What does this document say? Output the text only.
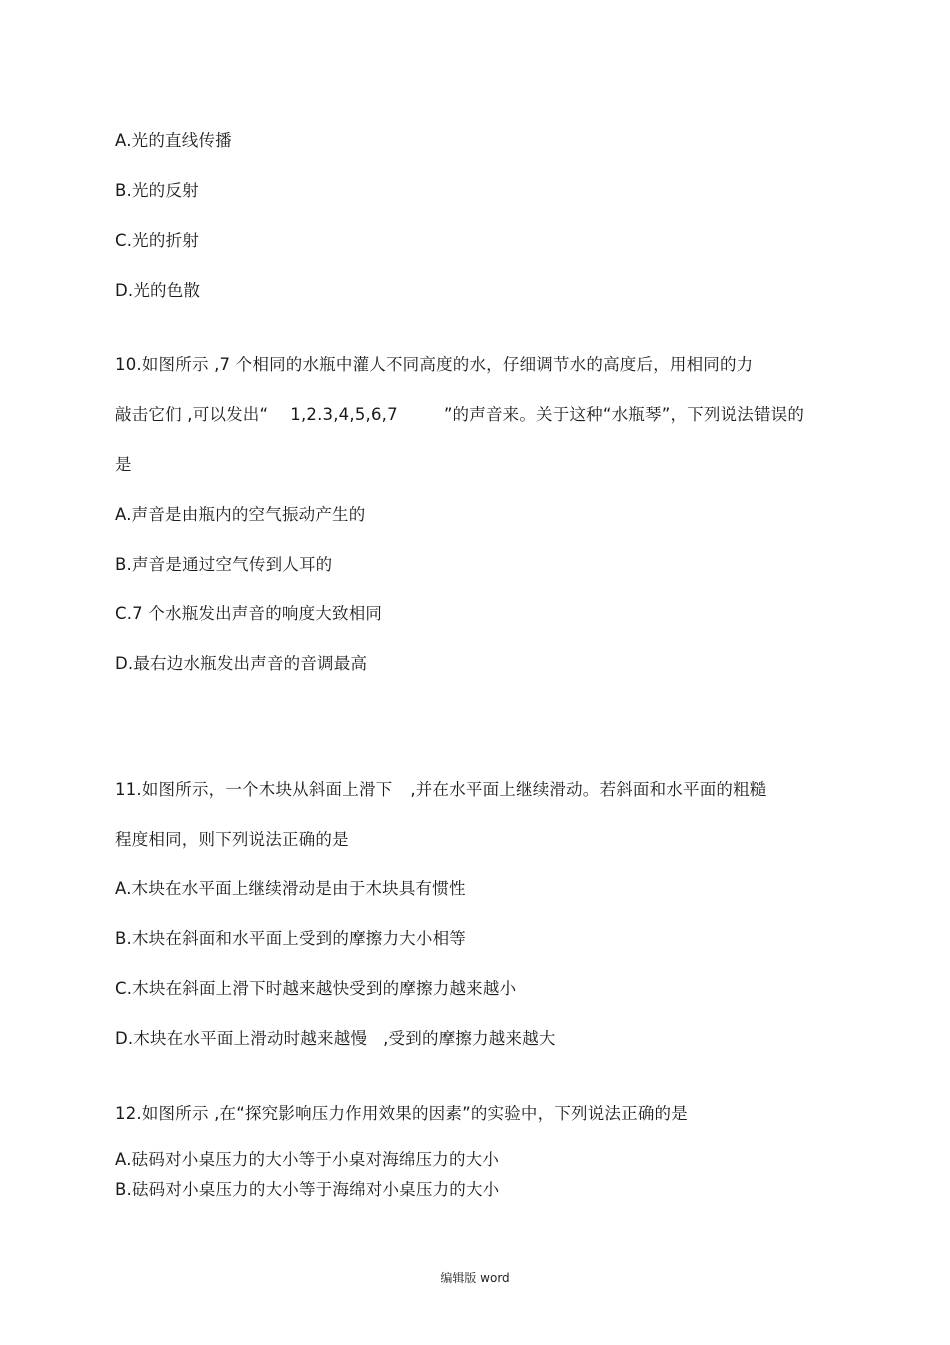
A.光的直线传播
B.光的反射
C.光的折射
D.光的色散
10.如图所示 ,7 个相同的水瓶中灌人不同高度的水，仔细调节水的高度后，用相同的力
敲击它们 ,可以发出“ 1,2.3,4,5,6,7	”的声音来。关于这种“水瓶琴”，下列说法错误的
是
A.声音是由瓶内的空气振动产生的
B.声音是通过空气传到人耳的
C.7 个水瓶发出声音的响度大致相同
D.最右边水瓶发出声音的音调最高
11.如图所示，一个木块从斜面上滑下 ,并在水平面上继续滑动。若斜面和水平面的粗糙
程度相同，则下列说法正确的是
A.木块在水平面上继续滑动是由于木块具有惯性
B.木块在斜面和水平面上受到的摩擦力大小相等
C.木块在斜面上滑下时越来越快受到的摩擦力越来越小
D.木块在水平面上滑动时越来越慢 ,受到的摩擦力越来越大
12.如图所示 ,在“探究影响压力作用效果的因素”的实验中，下列说法正确的是
A.砝码对小桌压力的大小等于小桌对海绵压力的大小
B.砝码对小桌压力的大小等于海绵对小桌压力的大小
编辑版 word
